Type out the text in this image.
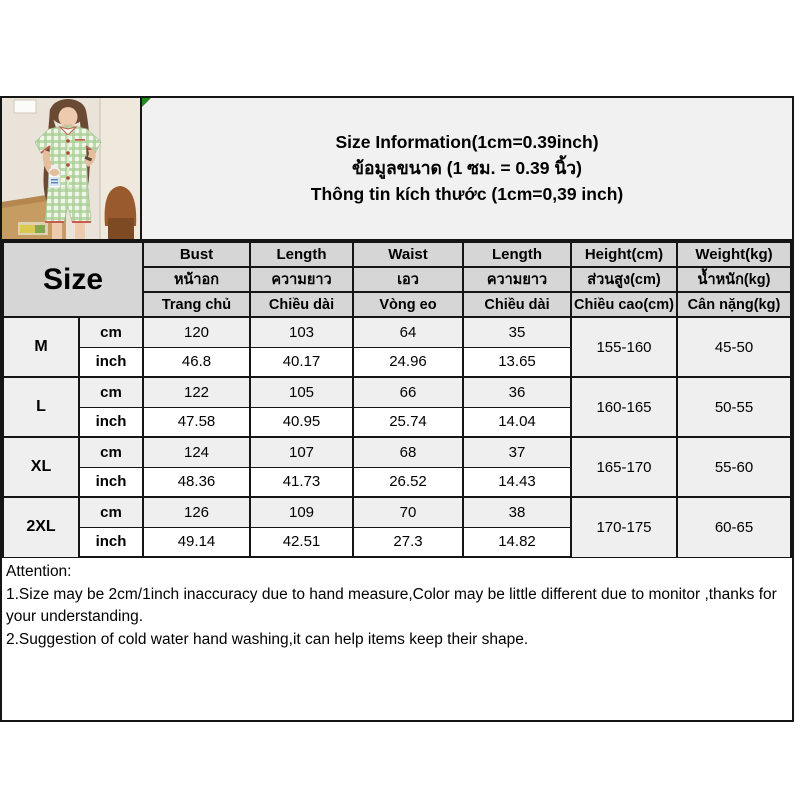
Size Information(1cm=0.39inch)
ข้อมูลขนาด (1 ซม. = 0.39 นิ้ว)
Thông tin kích thước (1cm=0,39 inch)
Size		Bust	Length	Waist	Length	Height(cm)	Weight(kg)
		หน้าอก	ความยาว	เอว	ความยาว	ส่วนสูง(cm)	น้ำหนัก(kg)
		Trang chủ	Chiều dài	Vòng eo	Chiều dài	Chiều cao(cm)	Cân nặng(kg)
M	cm	120	103	64	35	155-160	45-50
	inch	46.8	40.17	24.96	13.65		
L	cm	122	105	66	36	160-165	50-55
	inch	47.58	40.95	25.74	14.04		
XL	cm	124	107	68	37	165-170	55-60
	inch	48.36	41.73	26.52	14.43		
2XL	cm	126	109	70	38	170-175	60-65
	inch	49.14	42.51	27.3	14.82		
Attention:
1.Size may be 2cm/1inch inaccuracy due to hand measure,Color may be little different due to monitor ,thanks for your understanding.
2.Suggestion of cold water hand washing,it can help items keep their shape.
